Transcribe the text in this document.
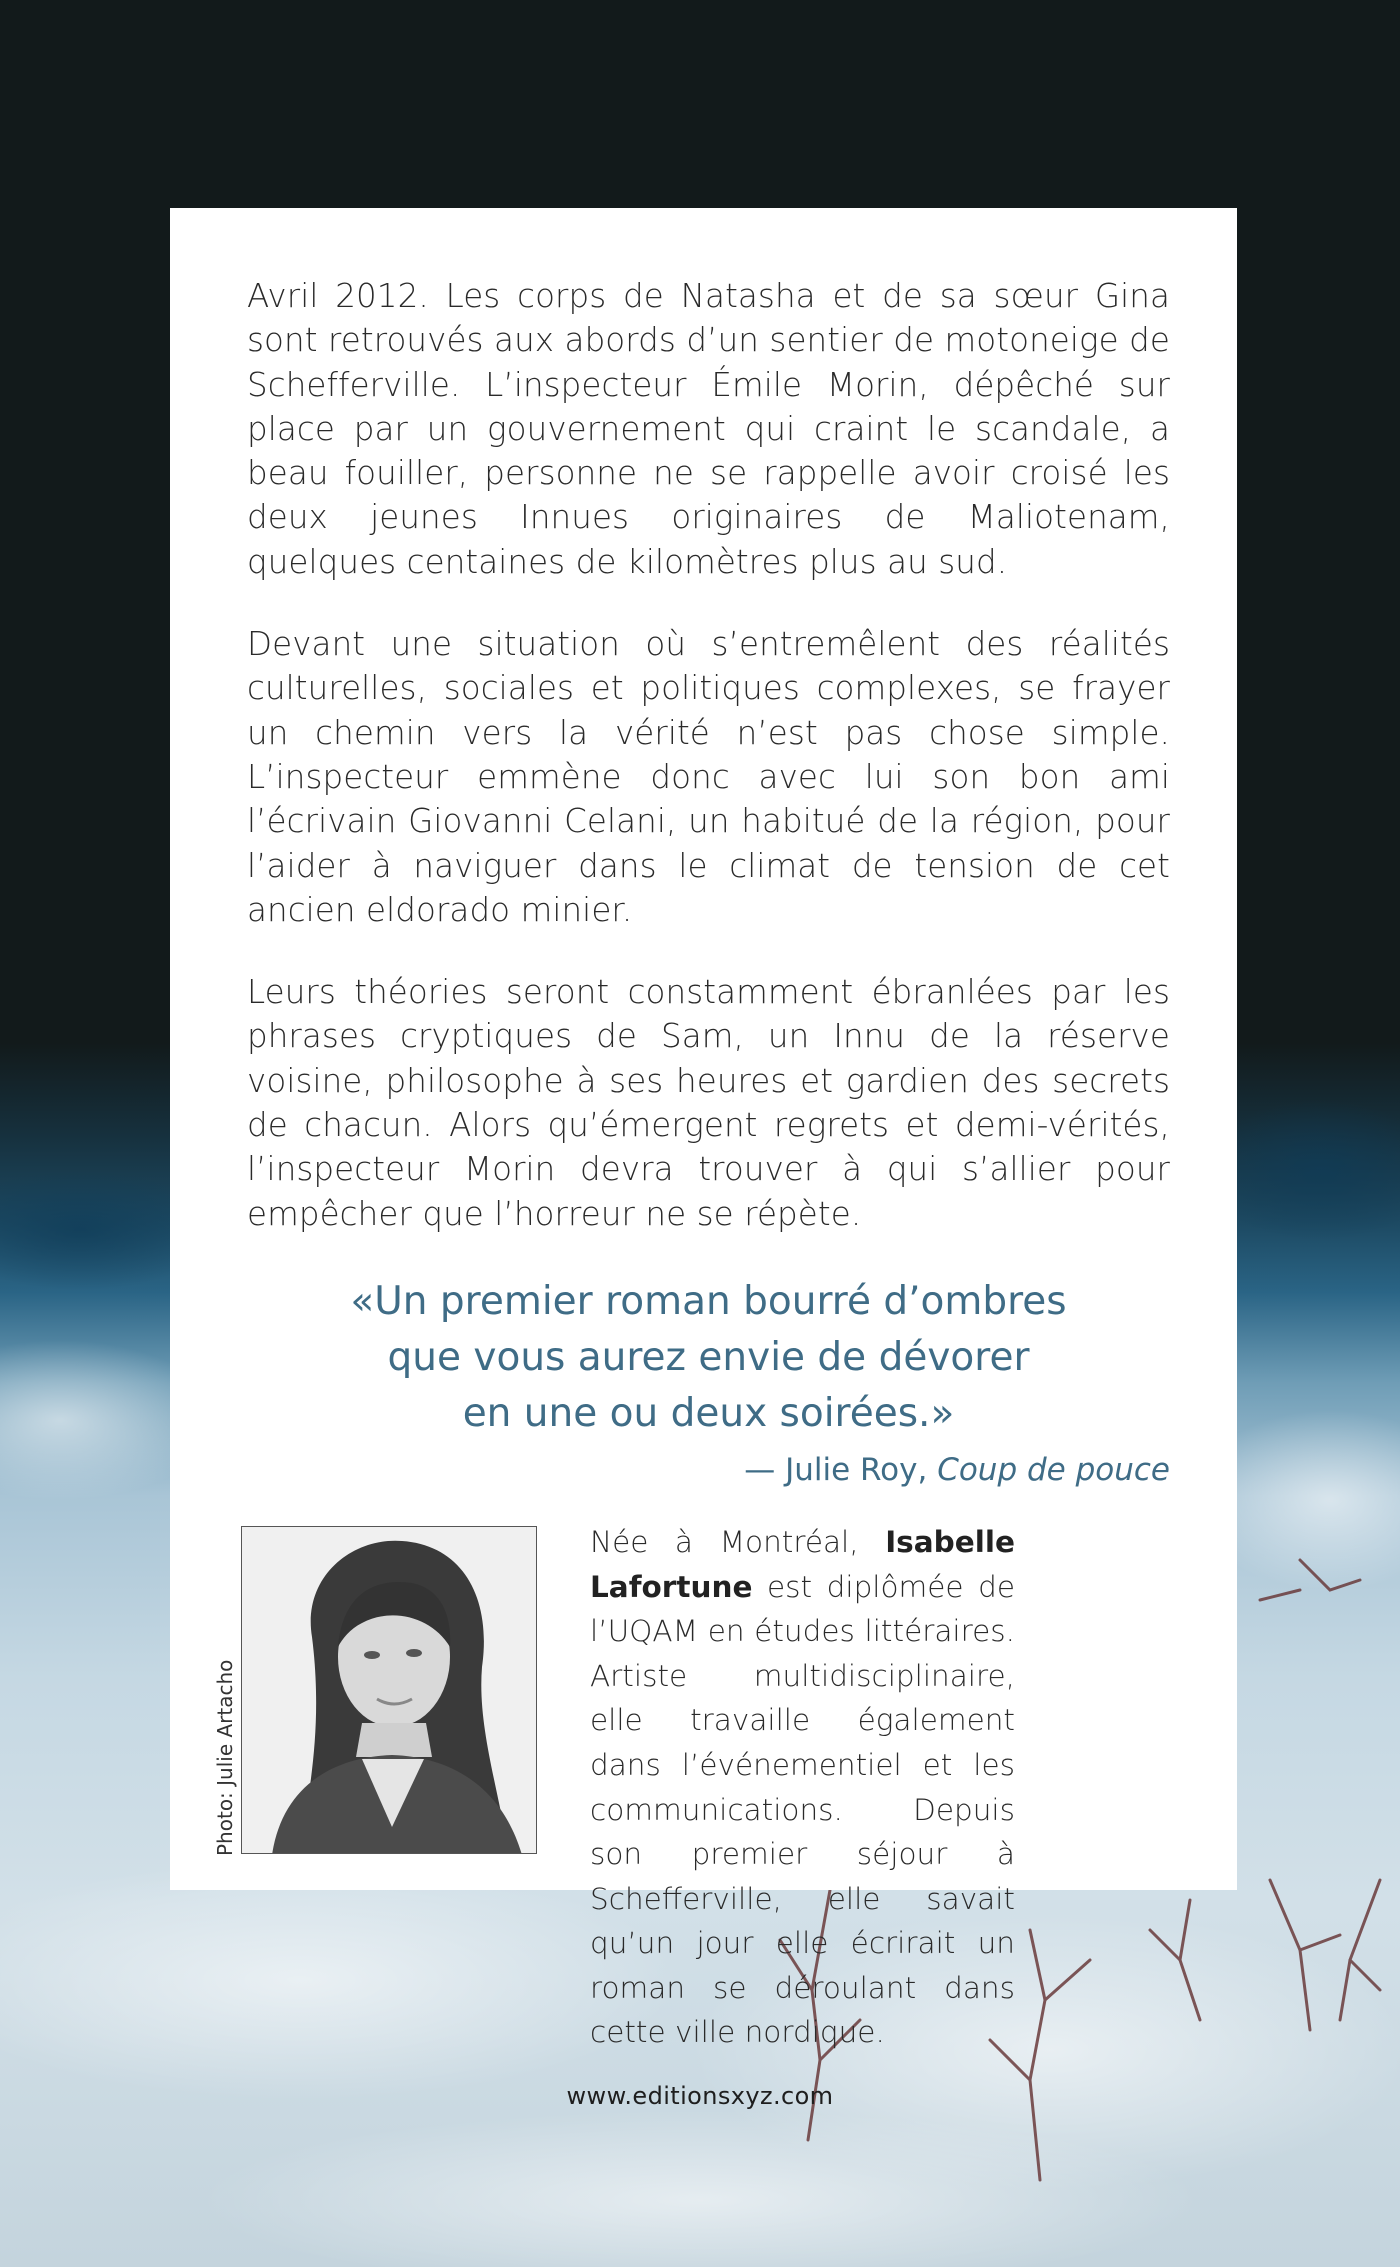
Avril 2012. Les corps de Natasha et de sa sœur Gina sont retrouvés aux abords d’un sentier de motoneige de Schefferville. L’inspecteur Émile Morin, dépêché sur place par un gouvernement qui craint le scandale, a beau fouiller, personne ne se rappelle avoir croisé les deux jeunes Innues originaires de Maliotenam, quelques centaines de kilomètres plus au sud.

Devant une situation où s’entremêlent des réalités culturelles, sociales et politiques complexes, se frayer un chemin vers la vérité n’est pas chose simple. L’inspecteur emmène donc avec lui son bon ami l’écrivain Giovanni Celani, un habitué de la région, pour l’aider à naviguer dans le climat de tension de cet ancien eldorado minier.

Leurs théories seront constamment ébranlées par les phrases cryptiques de Sam, un Innu de la réserve voisine, philosophe à ses heures et gardien des secrets de chacun. Alors qu’émergent regrets et demi-vérités, l’inspecteur Morin devra trouver à qui s’allier pour empêcher que l’horreur ne se répète.

«Un premier roman bourré d’ombres
que vous aurez envie de dévorer
en une ou deux soirées.»
— Julie Roy, Coup de pouce
Photo: Julie Artacho
Née à Montréal, Isabelle Lafortune est diplômée de l’UQAM en études littéraires. Artiste multidisciplinaire, elle travaille également dans l’événementiel et les communications. Depuis son premier séjour à Schefferville, elle savait qu’un jour elle écrirait un roman se déroulant dans cette ville nordique.
www.editionsxyz.com
